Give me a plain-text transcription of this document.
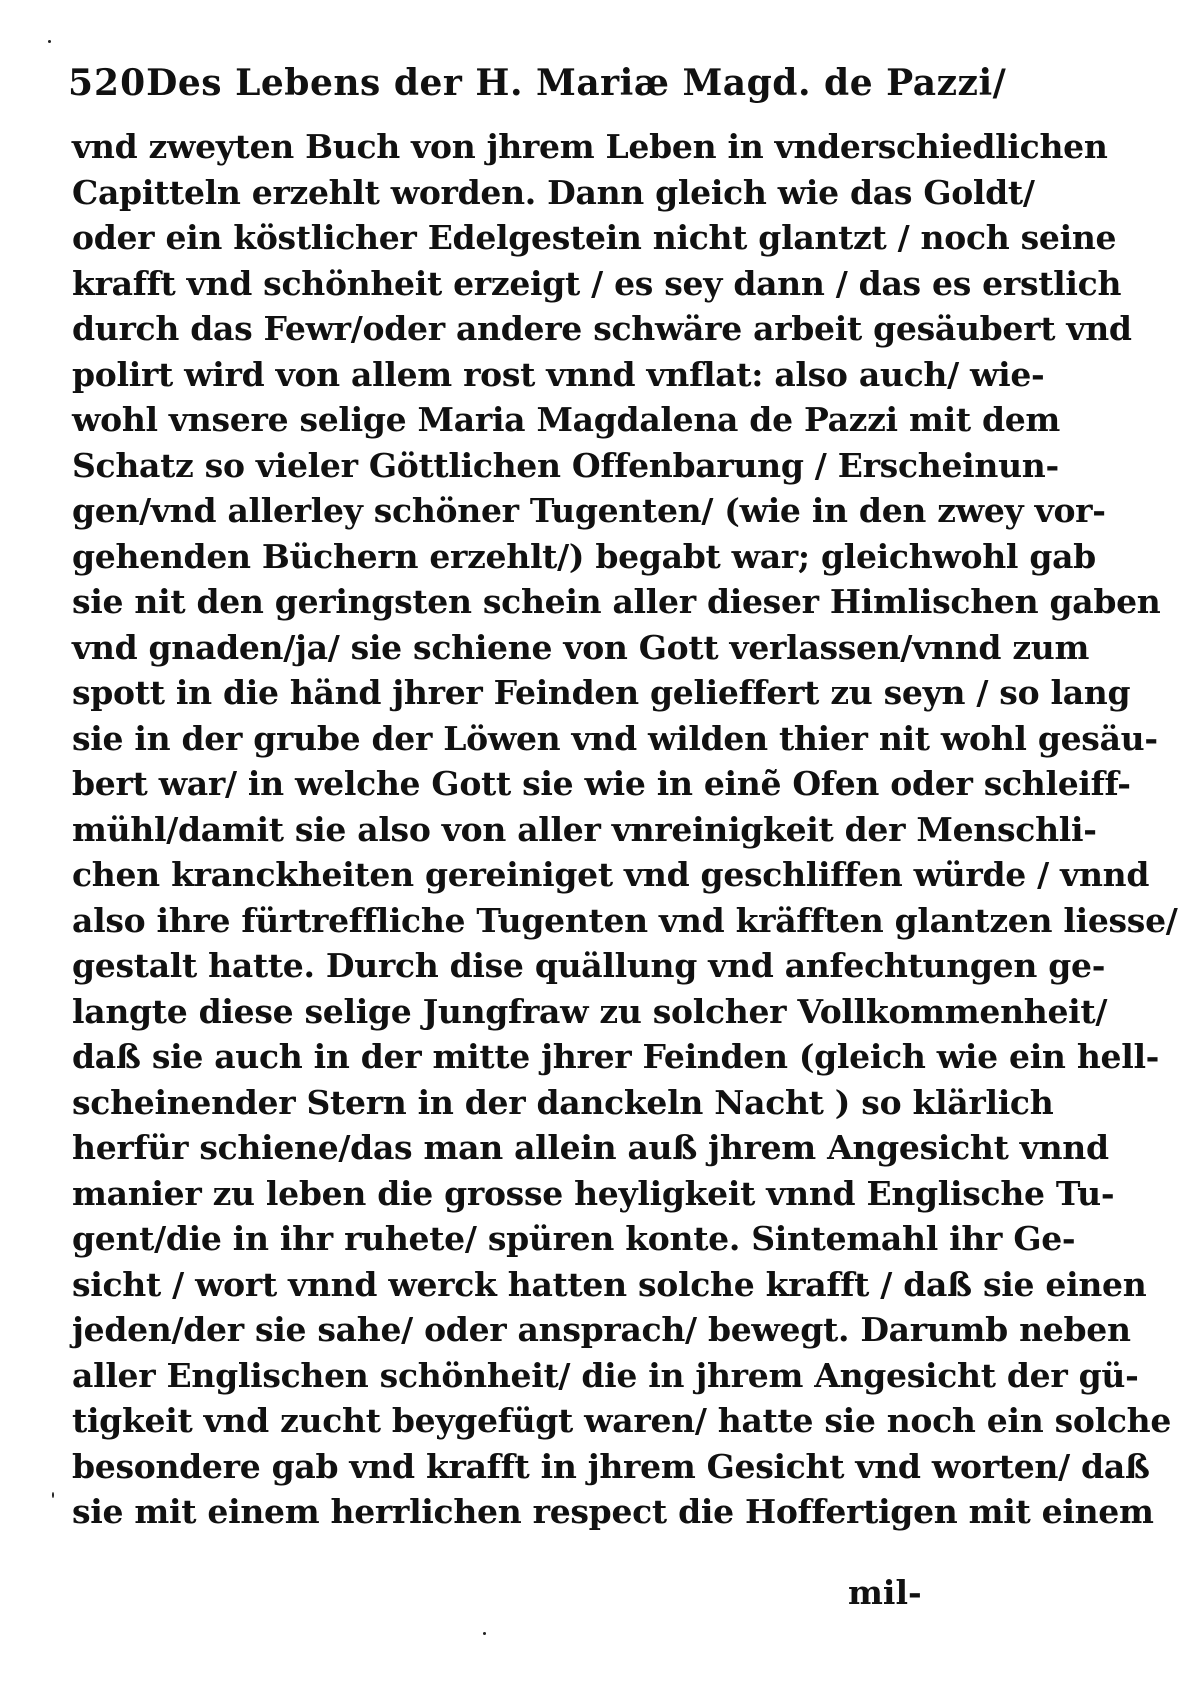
520 Des Lebens der H. Mariæ Magd. de Pazzi/
vnd zweyten Buch von jhrem Leben in vnderschiedlichen
Capitteln erzehlt worden. Dann gleich wie das Goldt/
oder ein köstlicher Edelgestein nicht glantzt / noch seine
krafft vnd schönheit erzeigt / es sey dann / das es erstlich
durch das Fewr/oder andere schwäre arbeit gesäubert vnd
polirt wird von allem rost vnnd vnflat: also auch/ wie-
wohl vnsere selige Maria Magdalena de Pazzi mit dem
Schatz so vieler Göttlichen Offenbarung / Erscheinun-
gen/vnd allerley schöner Tugenten/ (wie in den zwey vor-
gehenden Büchern erzehlt/) begabt war; gleichwohl gab
sie nit den geringsten schein aller dieser Himlischen gaben
vnd gnaden/ja/ sie schiene von Gott verlassen/vnnd zum
spott in die händ jhrer Feinden gelieffert zu seyn / so lang
sie in der grube der Löwen vnd wilden thier nit wohl gesäu-
bert war/ in welche Gott sie wie in einẽ Ofen oder schleiff-
mühl/damit sie also von aller vnreinigkeit der Menschli-
chen kranckheiten gereiniget vnd geschliffen würde / vnnd
also ihre fürtreffliche Tugenten vnd kräfften glantzen liesse/
gestalt hatte. Durch dise quällung vnd anfechtungen ge-
langte diese selige Jungfraw zu solcher Vollkommenheit/
daß sie auch in der mitte jhrer Feinden (gleich wie ein hell-
scheinender Stern in der danckeln Nacht ) so klärlich
herfür schiene/das man allein auß jhrem Angesicht vnnd
manier zu leben die grosse heyligkeit vnnd Englische Tu-
gent/die in ihr ruhete/ spüren konte. Sintemahl ihr Ge-
sicht / wort vnnd werck hatten solche krafft / daß sie einen
jeden/der sie sahe/ oder ansprach/ bewegt. Darumb neben
aller Englischen schönheit/ die in jhrem Angesicht der gü-
tigkeit vnd zucht beygefügt waren/ hatte sie noch ein solche
besondere gab vnd krafft in jhrem Gesicht vnd worten/ daß
sie mit einem herrlichen respect die Hoffertigen mit einem
mil-
